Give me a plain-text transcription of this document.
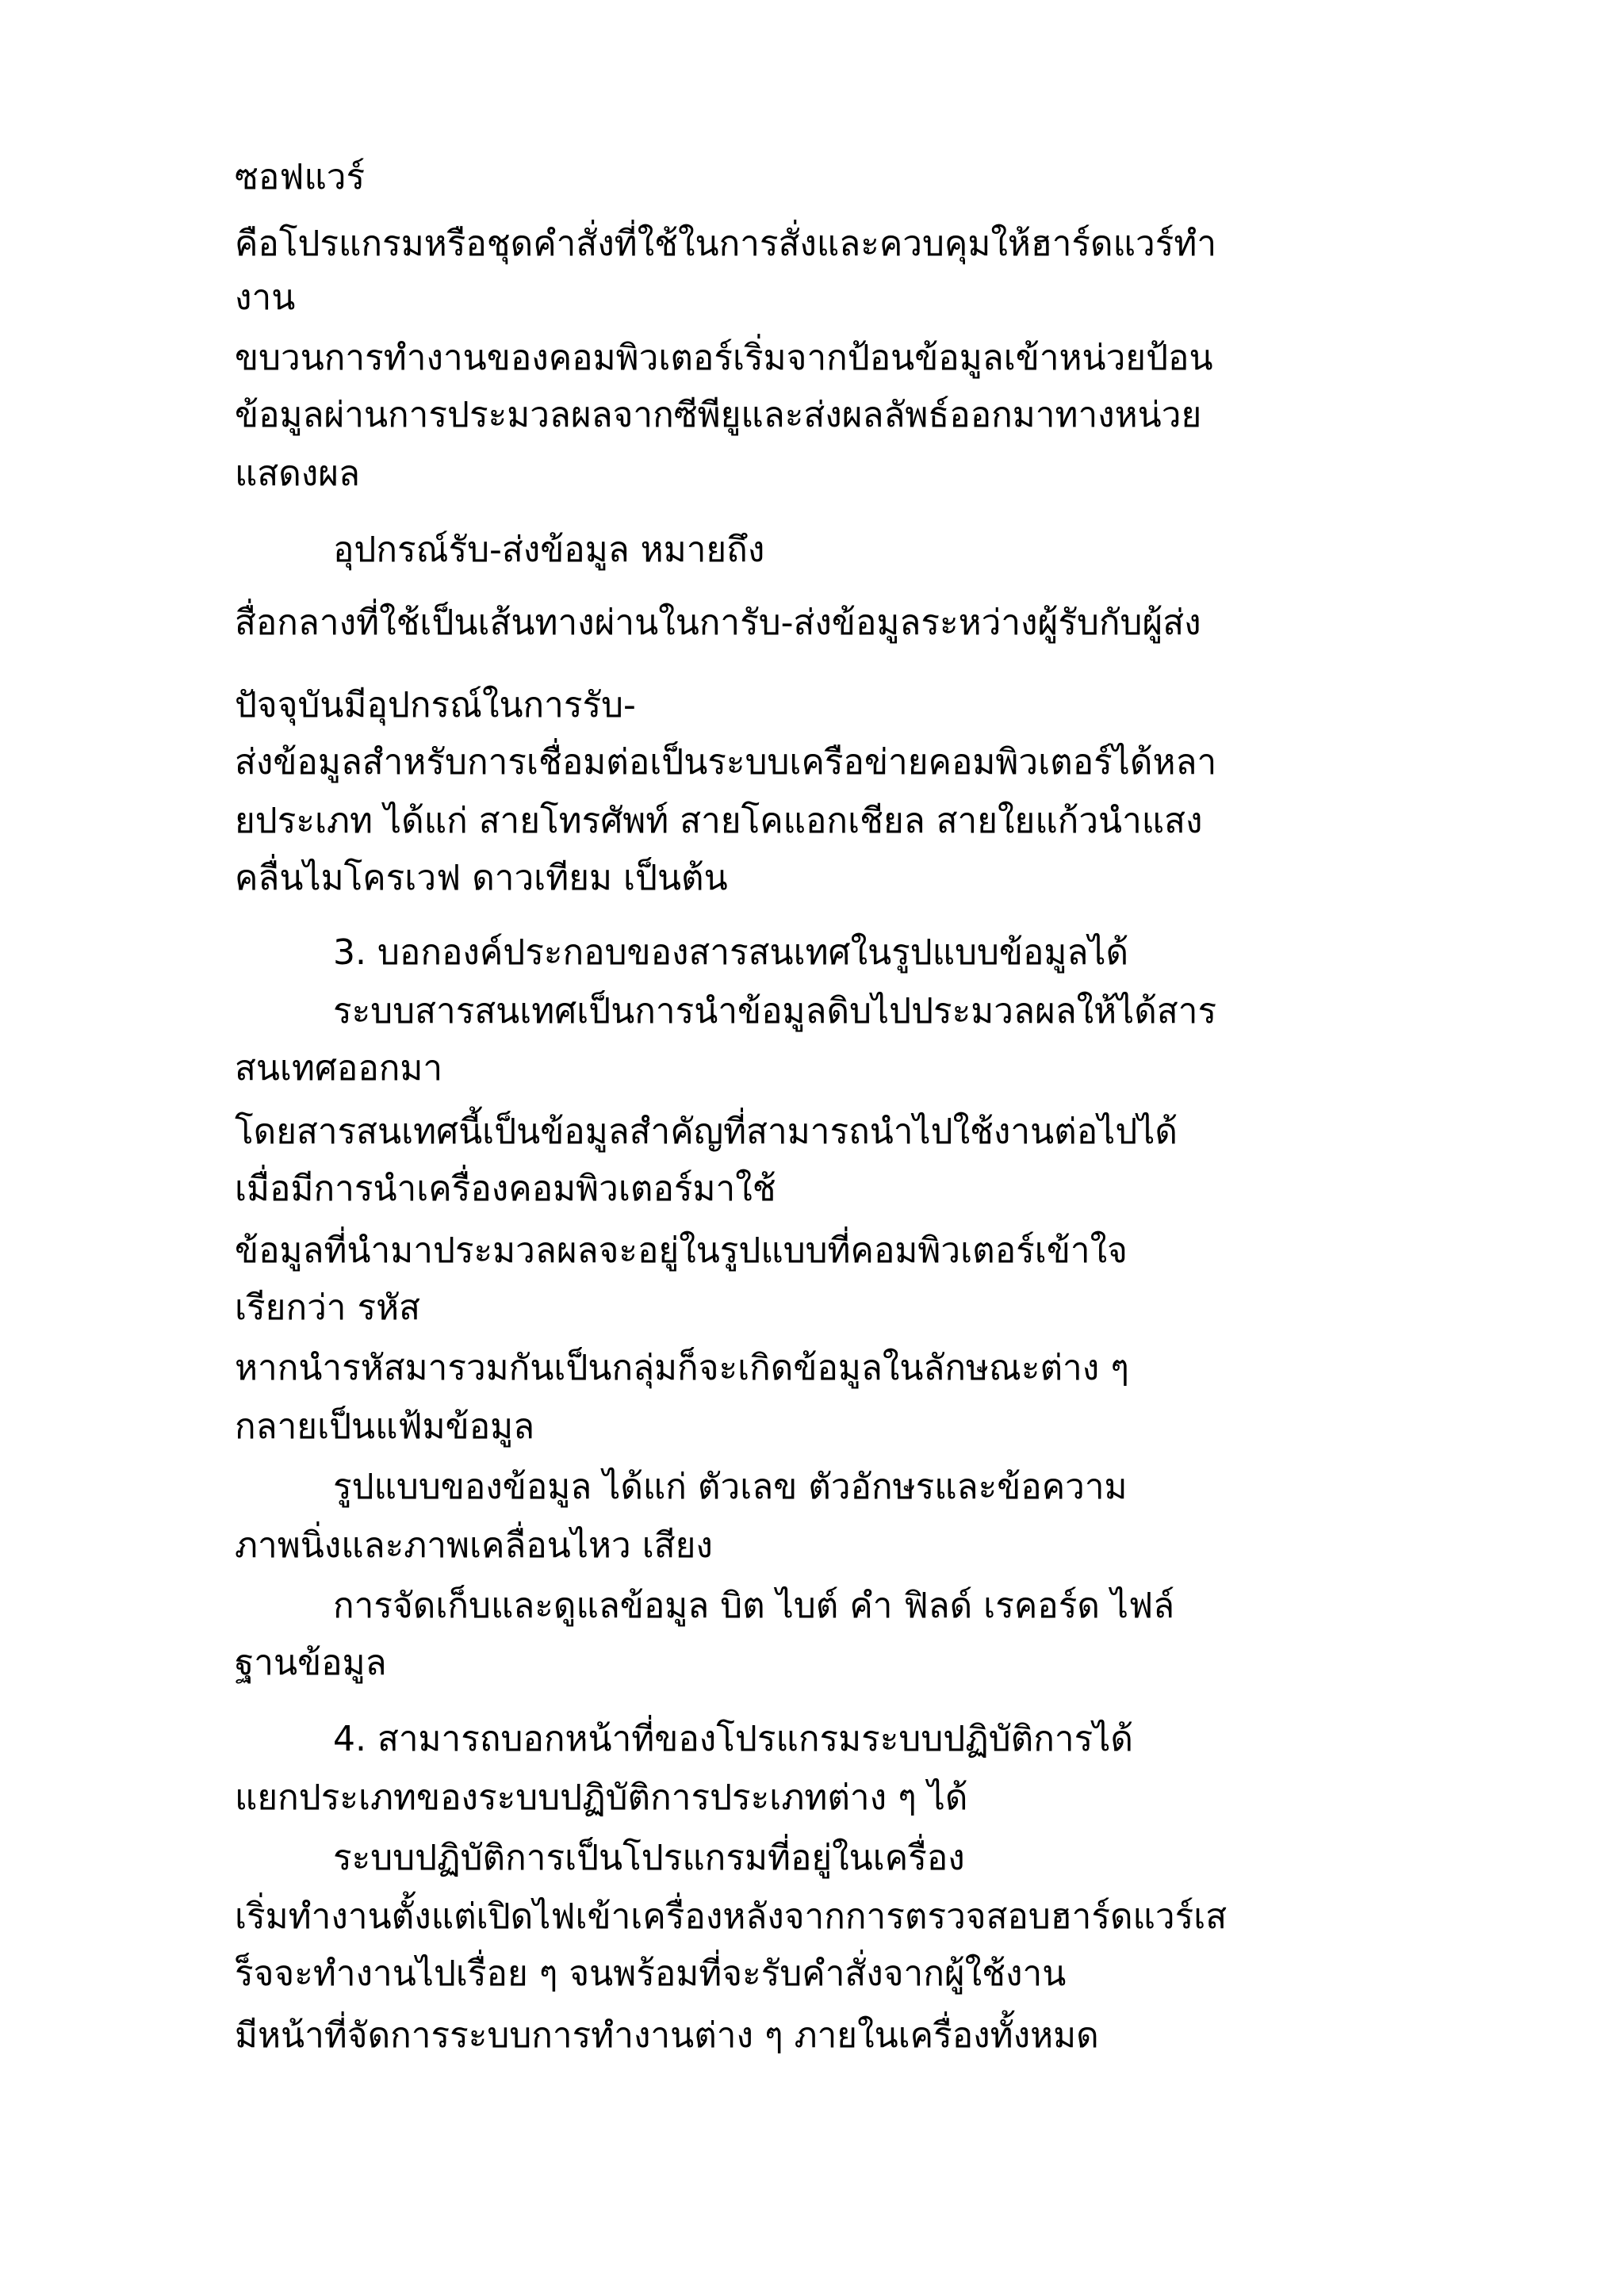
ซอฟแวร์
คือโปรแกรมหรือชุดคำสั่งที่ใช้ในการสั่งและควบคุมให้ฮาร์ดแวร์ทำ
งาน
ขบวนการทำงานของคอมพิวเตอร์เริ่มจากป้อนข้อมูลเข้าหน่วยป้อน
ข้อมูลผ่านการประมวลผลจากซีพียูและส่งผลลัพธ์ออกมาทางหน่วย
แสดงผล
อุปกรณ์รับ-ส่งข้อมูล หมายถึง
สื่อกลางที่ใช้เป็นเส้นทางผ่านในการับ-ส่งข้อมูลระหว่างผู้รับกับผู้ส่ง
ปัจจุบันมีอุปกรณ์ในการรับ-
ส่งข้อมูลสำหรับการเชื่อมต่อเป็นระบบเครือข่ายคอมพิวเตอร์ได้หลา
ยประเภท ได้แก่ สายโทรศัพท์ สายโคแอกเชียล สายใยแก้วนำแสง
คลื่นไมโครเวฟ ดาวเทียม เป็นต้น
3. บอกองค์ประกอบของสารสนเทศในรูปแบบข้อมูลได้
ระบบสารสนเทศเป็นการนำข้อมูลดิบไปประมวลผลให้ได้สาร
สนเทศออกมา
โดยสารสนเทศนี้เป็นข้อมูลสำคัญที่สามารถนำไปใช้งานต่อไปได้
เมื่อมีการนำเครื่องคอมพิวเตอร์มาใช้
ข้อมูลที่นำมาประมวลผลจะอยู่ในรูปแบบที่คอมพิวเตอร์เข้าใจ
เรียกว่า รหัส
หากนำรหัสมารวมกันเป็นกลุ่มก็จะเกิดข้อมูลในลักษณะต่าง ๆ
กลายเป็นแฟ้มข้อมูล
รูปแบบของข้อมูล ได้แก่ ตัวเลข ตัวอักษรและข้อความ
ภาพนิ่งและภาพเคลื่อนไหว เสียง
การจัดเก็บและดูแลข้อมูล บิต ไบต์ คำ ฟิลด์ เรคอร์ด ไฟล์
ฐานข้อมูล
4. สามารถบอกหน้าที่ของโปรแกรมระบบปฏิบัติการได้
แยกประเภทของระบบปฏิบัติการประเภทต่าง ๆ ได้
ระบบปฏิบัติการเป็นโปรแกรมที่อยู่ในเครื่อง
เริ่มทำงานตั้งแต่เปิดไฟเข้าเครื่องหลังจากการตรวจสอบฮาร์ดแวร์เส
ร็จจะทำงานไปเรื่อย ๆ จนพร้อมที่จะรับคำสั่งจากผู้ใช้งาน
มีหน้าที่จัดการระบบการทำงานต่าง ๆ ภายในเครื่องทั้งหมด
